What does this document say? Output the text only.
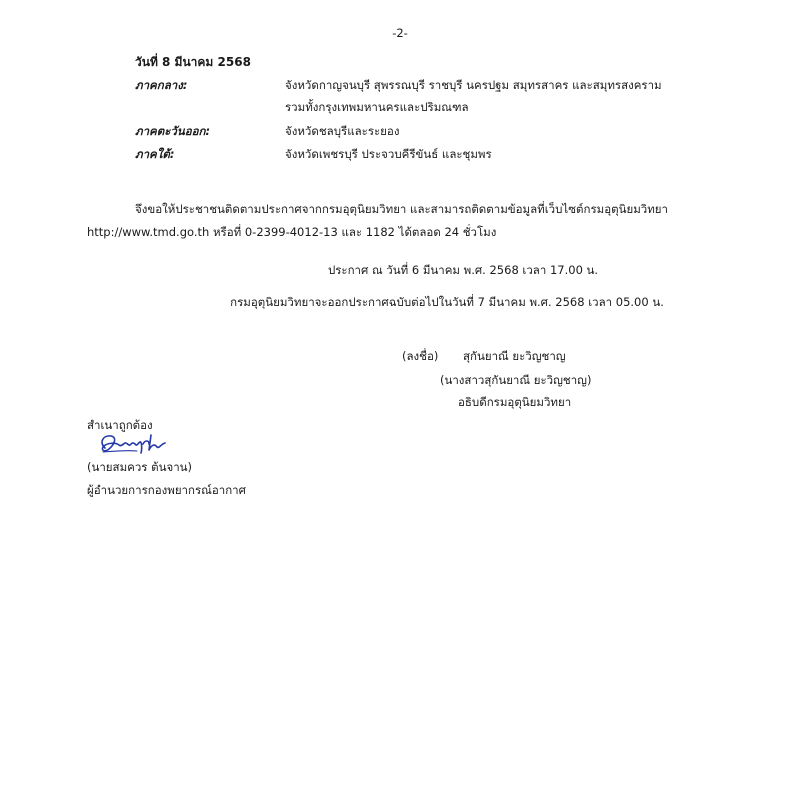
-2-
วันที่ 8 มีนาคม 2568
ภาคกลาง:	จังหวัดกาญจนบุรี สุพรรณบุรี ราชบุรี นครปฐม สมุทรสาคร และสมุทรสงคราม
รวมทั้งกรุงเทพมหานครและปริมณฑล
ภาคตะวันออก:	จังหวัดชลบุรีและระยอง
ภาคใต้:	จังหวัดเพชรบุรี ประจวบคีรีขันธ์ และชุมพร
จึงขอให้ประชาชนติดตามประกาศจากกรมอุตุนิยมวิทยา และสามารถติดตามข้อมูลที่เว็บไซต์กรมอุตุนิยมวิทยา
http://www.tmd.go.th หรือที่ 0-2399-4012-13 และ 1182 ได้ตลอด 24 ชั่วโมง
ประกาศ ณ วันที่ 6 มีนาคม พ.ศ. 2568 เวลา 17.00 น.
กรมอุตุนิยมวิทยาจะออกประกาศฉบับต่อไปในวันที่ 7 มีนาคม พ.ศ. 2568 เวลา 05.00 น.
(ลงชื่อ) สุกันยาณี ยะวิญชาญ
(นางสาวสุกันยาณี ยะวิญชาญ)
อธิบดีกรมอุตุนิยมวิทยา
สำเนาถูกต้อง
(นายสมควร ต้นจาน)
ผู้อำนวยการกองพยากรณ์อากาศ
